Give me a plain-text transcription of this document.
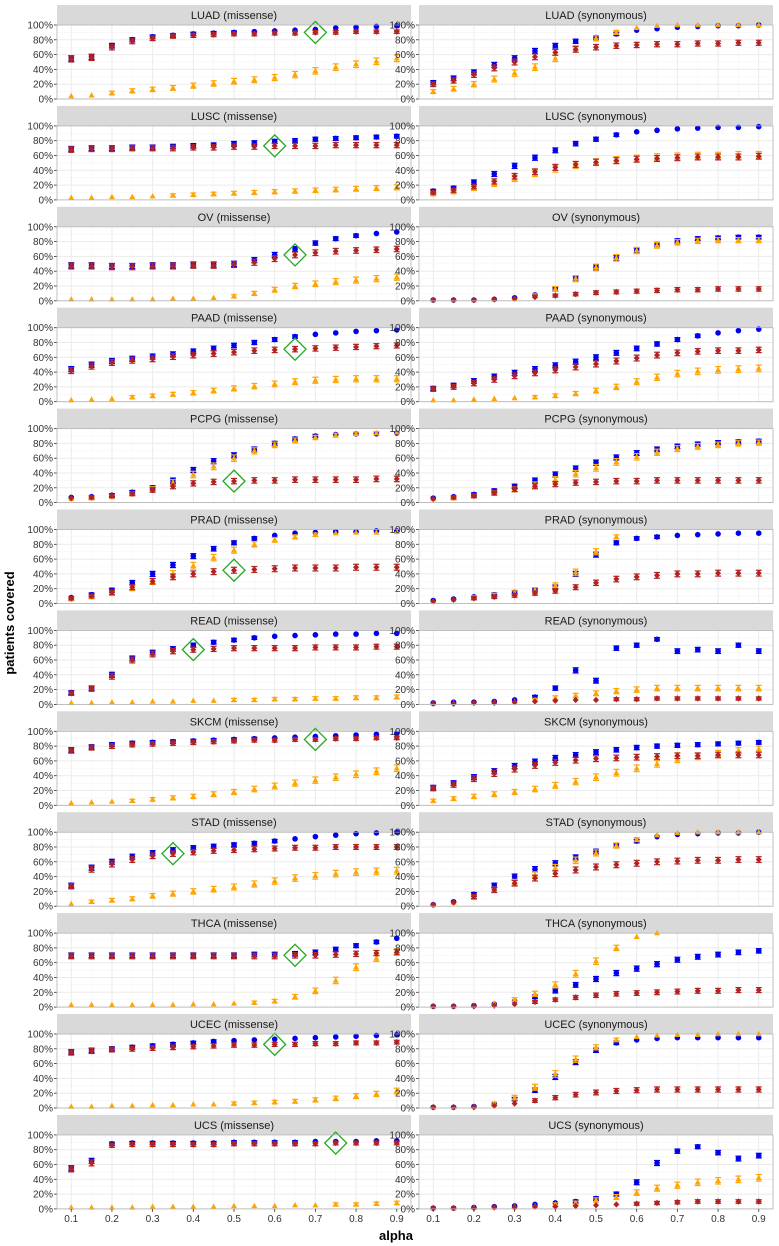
LUAD (missense)
0%
20%
40%
60%
80%
100%
LUAD (synonymous)
0%
20%
40%
60%
80%
100%
LUSC (missense)
0%
20%
40%
60%
80%
100%
LUSC (synonymous)
0%
20%
40%
60%
80%
100%
OV (missense)
0%
20%
40%
60%
80%
100%
OV (synonymous)
0%
20%
40%
60%
80%
100%
PAAD (missense)
0%
20%
40%
60%
80%
100%
PAAD (synonymous)
0%
20%
40%
60%
80%
100%
PCPG (missense)
0%
20%
40%
60%
80%
100%
PCPG (synonymous)
0%
20%
40%
60%
80%
100%
PRAD (missense)
0%
20%
40%
60%
80%
100%
PRAD (synonymous)
0%
20%
40%
60%
80%
100%
READ (missense)
0%
20%
40%
60%
80%
100%
READ (synonymous)
0%
20%
40%
60%
80%
100%
SKCM (missense)
0%
20%
40%
60%
80%
100%
SKCM (synonymous)
0%
20%
40%
60%
80%
100%
STAD (missense)
0%
20%
40%
60%
80%
100%
STAD (synonymous)
0%
20%
40%
60%
80%
100%
THCA (missense)
0%
20%
40%
60%
80%
100%
THCA (synonymous)
0%
20%
40%
60%
80%
100%
UCEC (missense)
0%
20%
40%
60%
80%
100%
UCEC (synonymous)
0%
20%
40%
60%
80%
100%
UCS (missense)
0%
20%
40%
60%
80%
100%
UCS (synonymous)
0%
20%
40%
60%
80%
100%
0.1	0.2	0.3	0.4	0.5	0.6	0.7	0.8	0.9 0.1	0.2	0.3	0.4	0.5	0.6	0.7	0.8	0.9
alpha
patients covered
